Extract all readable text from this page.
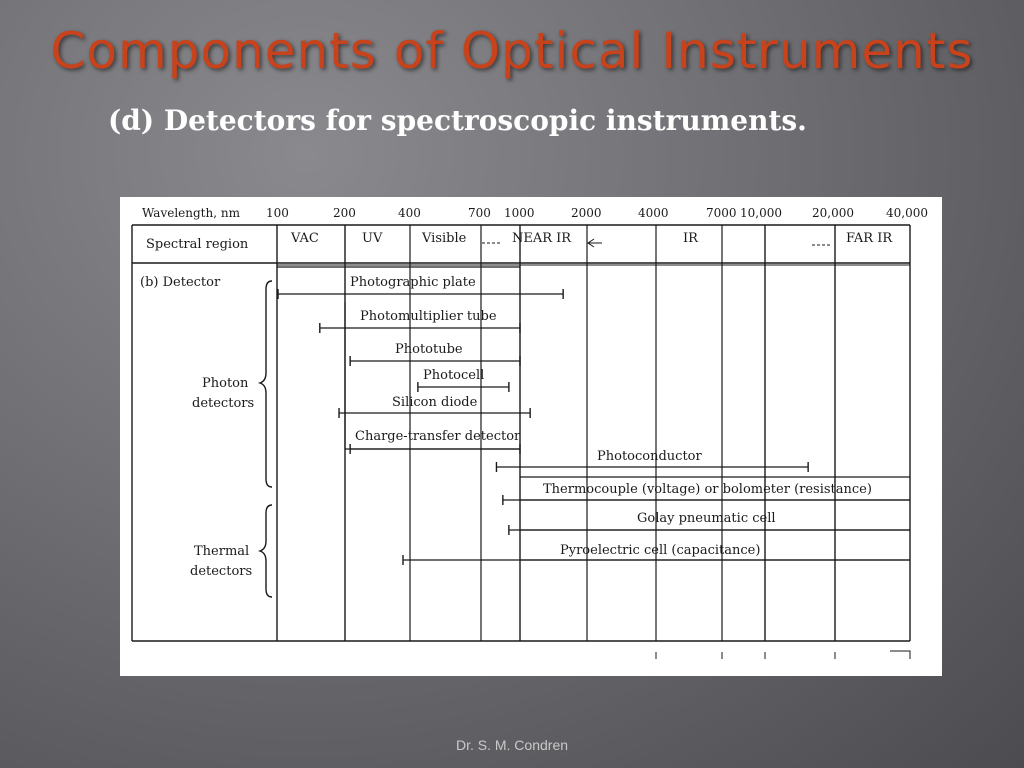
Components of Optical Instruments
(d) Detectors for spectroscopic instruments.
Wavelength, nm 100	200	400	700 1000	2000	4000	7000 10,000	20,000	40,000
Spectral region	VAC	UV	Visible	NEAR IR	IR	FAR IR
(b) Detector
Photon
detectors
Thermal
detectors
Photographic plate
Photomultiplier tube
Phototube
Photocell
Silicon diode
Charge-transfer detector
Photoconductor
Thermocouple (voltage) or bolometer (resistance)
Golay pneumatic cell
Pyroelectric cell (capacitance)
Dr. S. M. Condren
